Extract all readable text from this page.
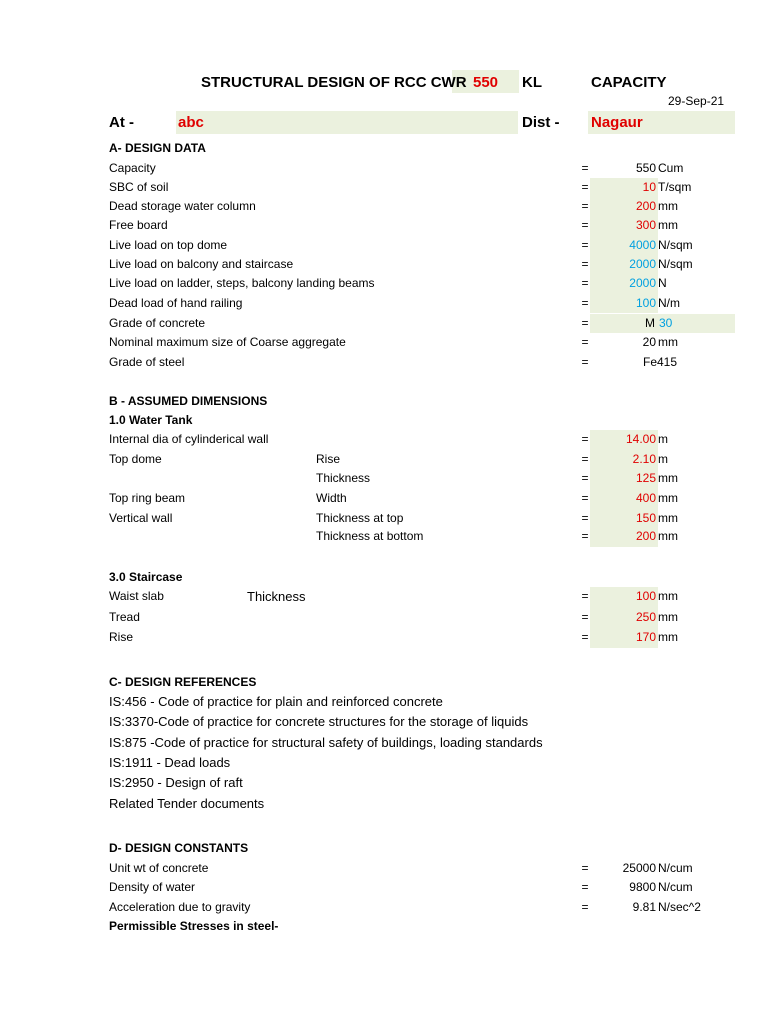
STRUCTURAL DESIGN OF RCC CWR 550	KL	CAPACITY
29-Sep-21
At -	abc	Dist - Nagaur
A- DESIGN DATA
Capacity	=	550 Cum
SBC of soil	=	10 T/sqm
Dead storage water column	=	200 mm
Free board	=	300 mm
Live load on top dome	=	4000 N/sqm
Live load on balcony and staircase	=	2000 N/sqm
Live load on ladder, steps, balcony landing beams	=	2000 N
Dead load of hand railing	=	100 N/m
Grade of concrete	=	M 30
Nominal maximum size of Coarse aggregate	=	20 mm
Grade of steel	=	Fe415
B - ASSUMED DIMENSIONS
1.0 Water Tank
Internal dia of cylinderical wall	=	14.00 m
Top dome	Rise	=	2.10 m
Thickness	=	125 mm
Top ring beam	Width	=	400 mm
Vertical wall	Thickness at top	=	150 mm
Thickness at bottom	=	200 mm
3.0 Staircase
Waist slab	Thickness	=	100 mm
Tread	=	250 mm
Rise	=	170 mm
C- DESIGN REFERENCES
IS:456 - Code of practice for plain and reinforced concrete
IS:3370-Code of practice for concrete structures for the storage of liquids
IS:875 -Code of practice for structural safety of buildings, loading standards
IS:1911 - Dead loads
IS:2950 - Design of raft
Related Tender documents
D- DESIGN CONSTANTS
Unit wt of concrete	=	25000 N/cum
Density of water	=	9800 N/cum
Acceleration due to gravity	=	9.81 N/sec^2
Permissible Stresses in steel-
